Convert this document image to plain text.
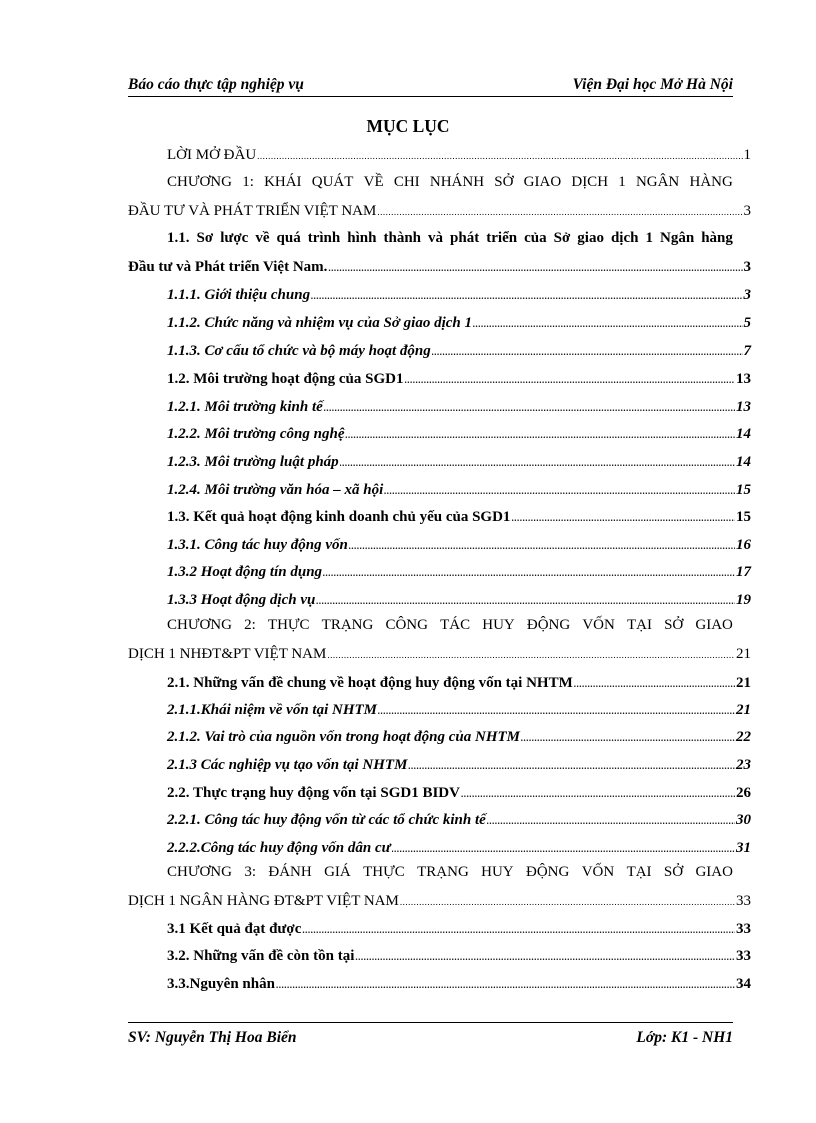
Báo cáo thực tập nghiệp vụ	Viện Đại học Mở Hà Nội
MỤC LỤC
LỜI MỞ ĐẦU .....	1
CHƯƠNG 1: KHÁI QUÁT VỀ CHI NHÁNH SỞ GIAO DỊCH 1 NGÂN HÀNG
ĐẦU TƯ VÀ PHÁT TRIỂN VIỆT NAM .....	3
1.1. Sơ lược về quá trình hình thành và phát triển của Sở giao dịch 1 Ngân hàng
Đầu tư và Phát triển Việt Nam. .....	3
1.1.1. Giới thiệu chung .....	3
1.1.2. Chức năng và nhiệm vụ của Sở giao dịch 1 .....	5
1.1.3. Cơ cấu tổ chức và bộ máy hoạt động .....	7
1.2. Môi trường hoạt động của SGD1 .....	13
1.2.1. Môi trường kinh tế .....	13
1.2.2. Môi trường công nghệ .....	14
1.2.3. Môi trường luật pháp .....	14
1.2.4. Môi trường văn hóa – xã hội .....	15
1.3. Kết quả hoạt động kinh doanh chủ yếu của SGD1 .....	15
1.3.1. Công tác huy động vốn .....	16
1.3.2 Hoạt động tín dụng .....	17
1.3.3 Hoạt động dịch vụ .....	19
CHƯƠNG 2: THỰC TRẠNG CÔNG TÁC HUY ĐỘNG VỐN TẠI SỞ GIAO
DỊCH 1 NHĐT&PT VIỆT NAM .....	21
2.1. Những vấn đề chung về hoạt động huy động vốn tại NHTM .....	21
2.1.1.Khái niệm về vốn tại NHTM .....	21
2.1.2. Vai trò của nguồn vốn trong hoạt động của NHTM .....	22
2.1.3 Các nghiệp vụ tạo vốn tại NHTM .....	23
2.2. Thực trạng huy động vốn tại SGD1 BIDV .....	26
2.2.1. Công tác huy động vốn từ các tổ chức kinh tế .....	30
2.2.2.Công tác huy động vốn dân cư .....	31
CHƯƠNG 3: ĐÁNH GIÁ THỰC TRẠNG HUY ĐỘNG VỐN TẠI SỞ GIAO
DỊCH 1 NGÂN HÀNG ĐT&PT VIỆT NAM .....	33
3.1 Kết quả đạt được .....	33
3.2. Những vấn đề còn tồn tại .....	33
3.3.Nguyên nhân .....	34
SV: Nguyễn Thị Hoa Biển	Lớp: K1 - NH1
